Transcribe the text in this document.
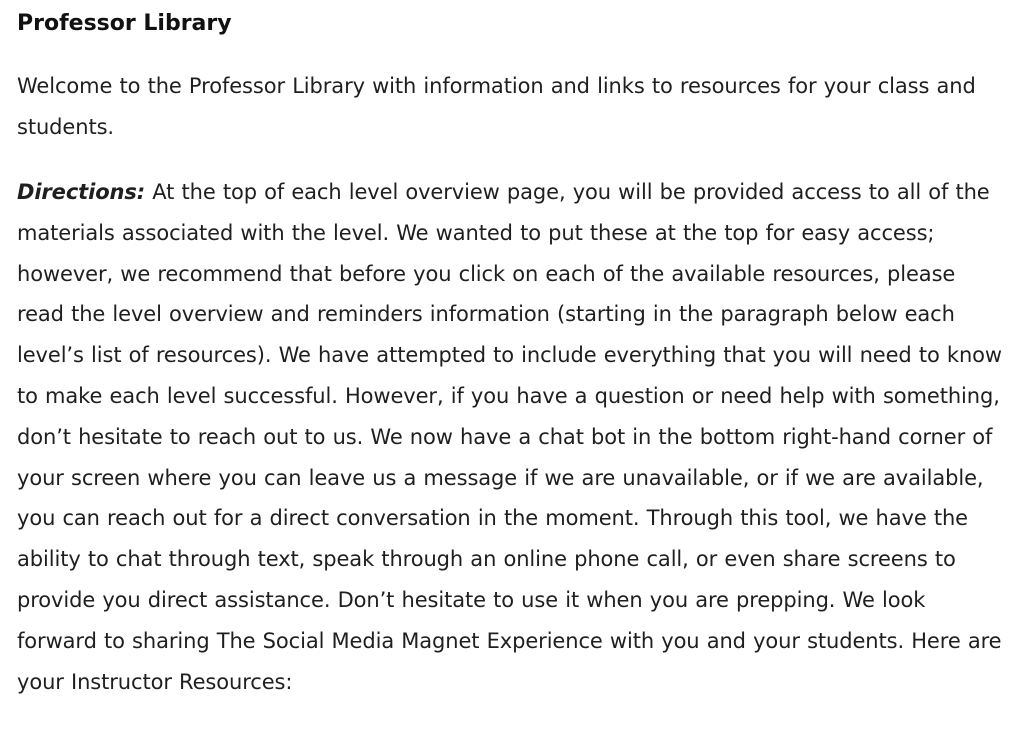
Professor Library

Welcome to the Professor Library with information and links to resources for your class and students.

Directions: At the top of each level overview page, you will be provided access to all of the materials associated with the level. We wanted to put these at the top for easy access; however, we recommend that before you click on each of the available resources, please read the level overview and reminders information (starting in the paragraph below each level’s list of resources). We have attempted to include everything that you will need to know to make each level successful. However, if you have a question or need help with something, don’t hesitate to reach out to us. We now have a chat bot in the bottom right-hand corner of your screen where you can leave us a message if we are unavailable, or if we are available, you can reach out for a direct conversation in the moment. Through this tool, we have the ability to chat through text, speak through an online phone call, or even share screens to provide you direct assistance. Don’t hesitate to use it when you are prepping. We look forward to sharing The Social Media Magnet Experience with you and your students. Here are your Instructor Resources:
